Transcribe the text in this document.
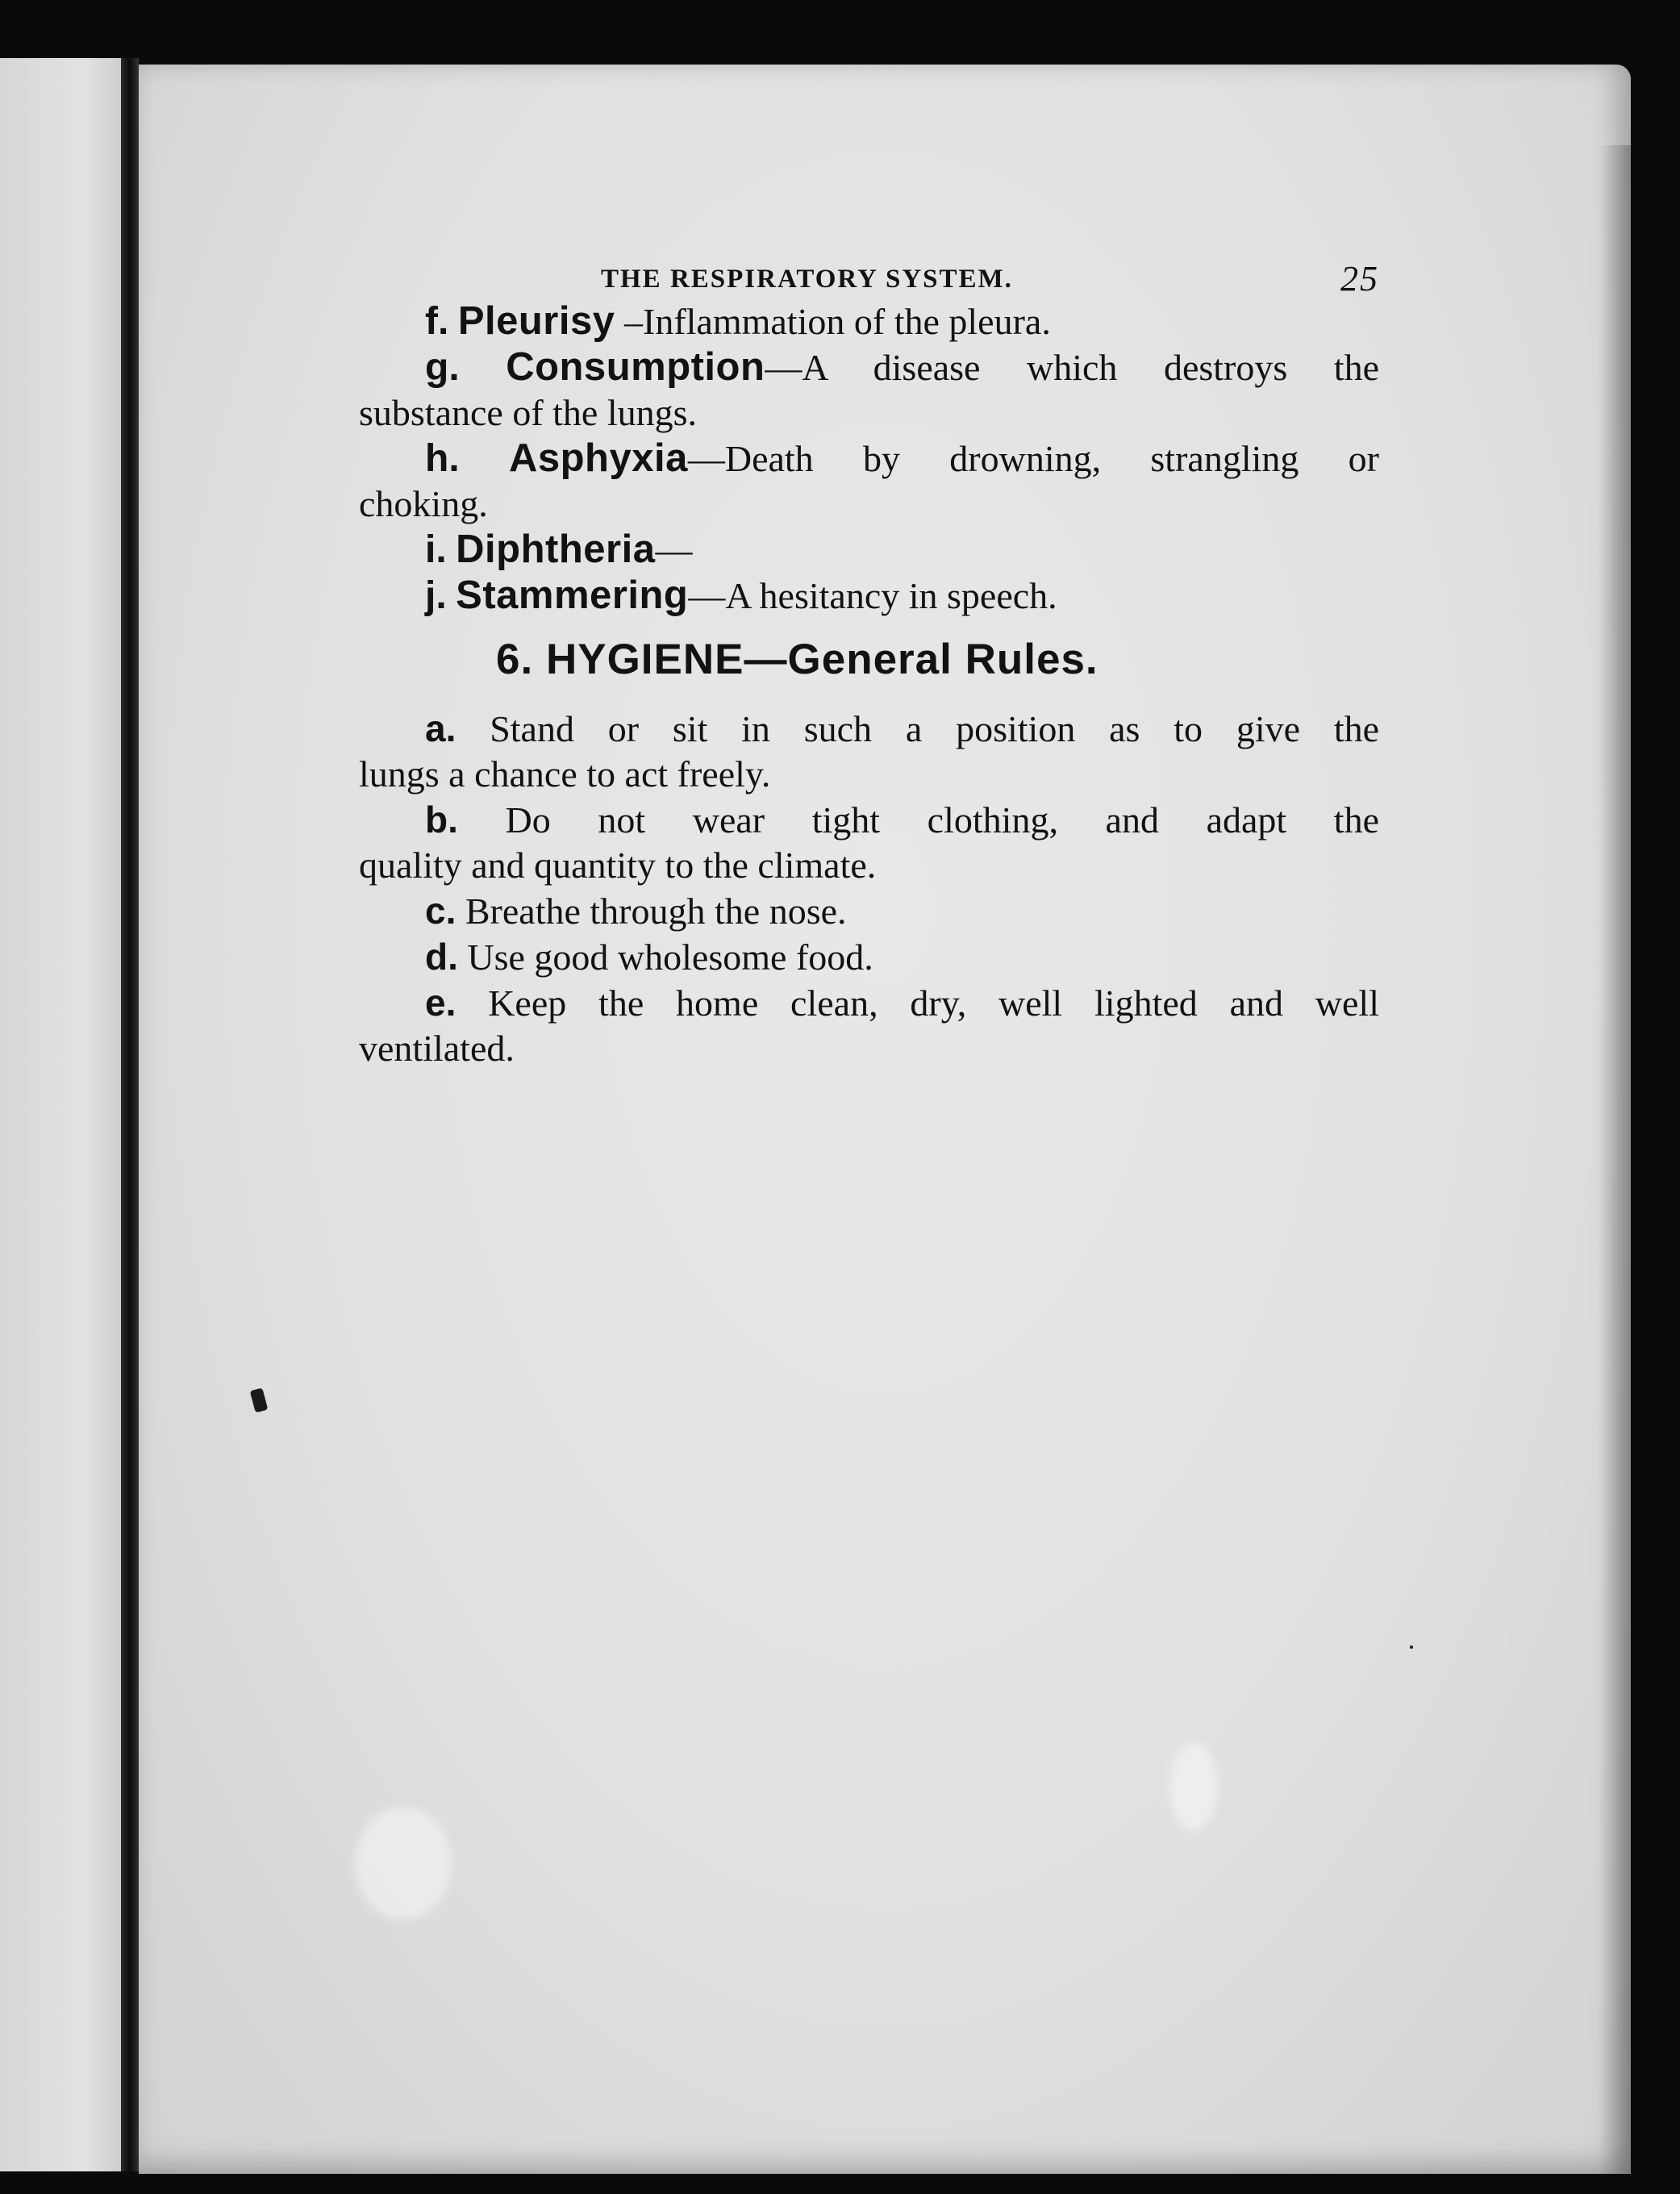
THE RESPIRATORY SYSTEM.	25
f. Pleurisy –Inflammation of the pleura.
g. Consumption—A disease which destroys the
substance of the lungs.
h. Asphyxia—Death by drowning, strangling or
choking.
i. Diphtheria—
j. Stammering—A hesitancy in speech.
6. HYGIENE—General Rules.
a. Stand or sit in such a position as to give the
lungs a chance to act freely.
b. Do not wear tight clothing, and adapt the
quality and quantity to the climate.
c. Breathe through the nose.
d. Use good wholesome food.
e. Keep the home clean, dry, well lighted and well
ventilated.
